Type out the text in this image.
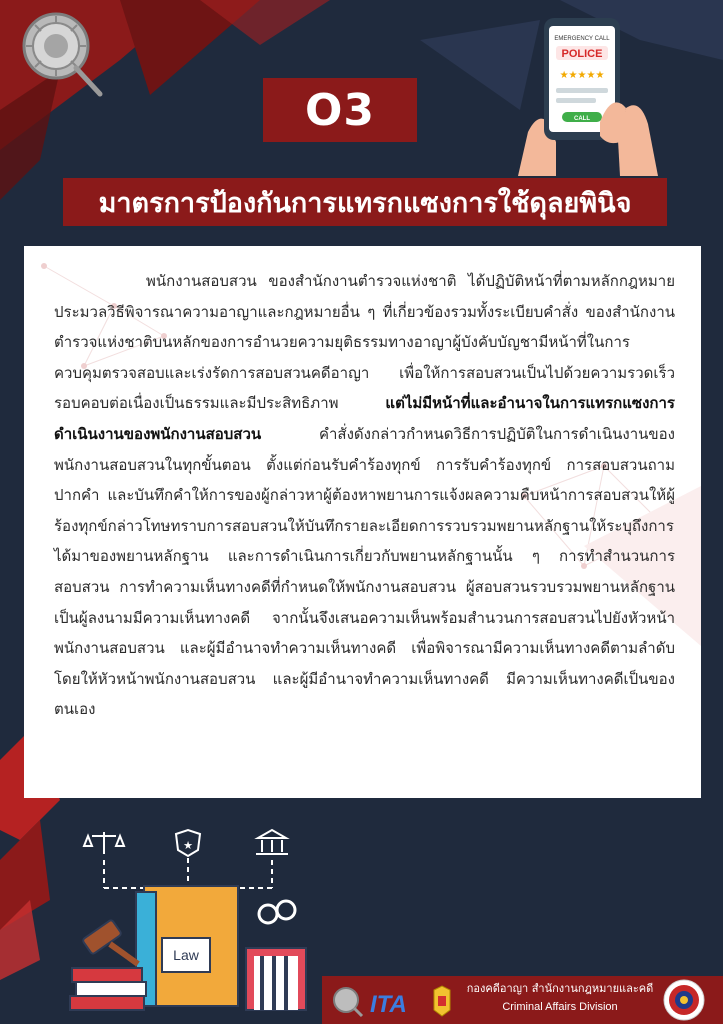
O3
EMERGENCY CALL
POLICE
★★★★★
CALL
มาตรการป้องกันการแทรกแซงการใช้ดุลยพินิจ

พนักงานสอบสวน ของสำนักงานตำรวจแห่งชาติ ได้ปฏิบัติหน้าที่ตามหลักกฎหมายประมวลวิธีพิจารณาความอาญาและกฎหมายอื่น ๆ ที่เกี่ยวข้องรวมทั้งระเบียบคำสั่ง ของสำนักงานตำรวจแห่งชาติบนหลักของการอำนวยความยุติธรรมทางอาญาผู้บังคับบัญชามีหน้าที่ในการควบคุมตรวจสอบและเร่งรัดการสอบสวนคดีอาญา เพื่อให้การสอบสวนเป็นไปด้วยความรวดเร็วรอบคอบต่อเนื่องเป็นธรรมและมีประสิทธิภาพ แต่ไม่มีหน้าที่และอำนาจในการแทรกแซงการดำเนินงานของพนักงานสอบสวน คำสั่งดังกล่าวกำหนดวิธีการปฏิบัติในการดำเนินงานของพนักงานสอบสวนในทุกขั้นตอน ตั้งแต่ก่อนรับคำร้องทุกข์ การรับคำร้องทุกข์ การสอบสวนถามปากคำ และบันทึกคำให้การของผู้กล่าวหาผู้ต้องหาพยานการแจ้งผลความคืบหน้าการสอบสวนให้ผู้ร้องทุกข์กล่าวโทษทราบการสอบสวนให้บันทึกรายละเอียดการรวบรวมพยานหลักฐานให้ระบุถึงการได้มาของพยานหลักฐาน และการดำเนินการเกี่ยวกับพยานหลักฐานนั้น ๆ การทำสำนวนการสอบสวน การทำความเห็นทางคดีที่กำหนดให้พนักงานสอบสวน ผู้สอบสวนรวบรวมพยานหลักฐาน เป็นผู้ลงนามมีความเห็นทางคดี จากนั้นจึงเสนอความเห็นพร้อมสำนวนการสอบสวนไปยังหัวหน้าพนักงานสอบสวน และผู้มีอำนาจทำความเห็นทางคดี เพื่อพิจารณามีความเห็นทางคดีตามลำดับ โดยให้หัวหน้าพนักงานสอบสวน และผู้มีอำนาจทำความเห็นทางคดี มีความเห็นทางคดีเป็นของตนเอง

★
Law
ITA
กองคดีอาญา สำนักงานกฎหมายและคดี
Criminal Affairs Division
